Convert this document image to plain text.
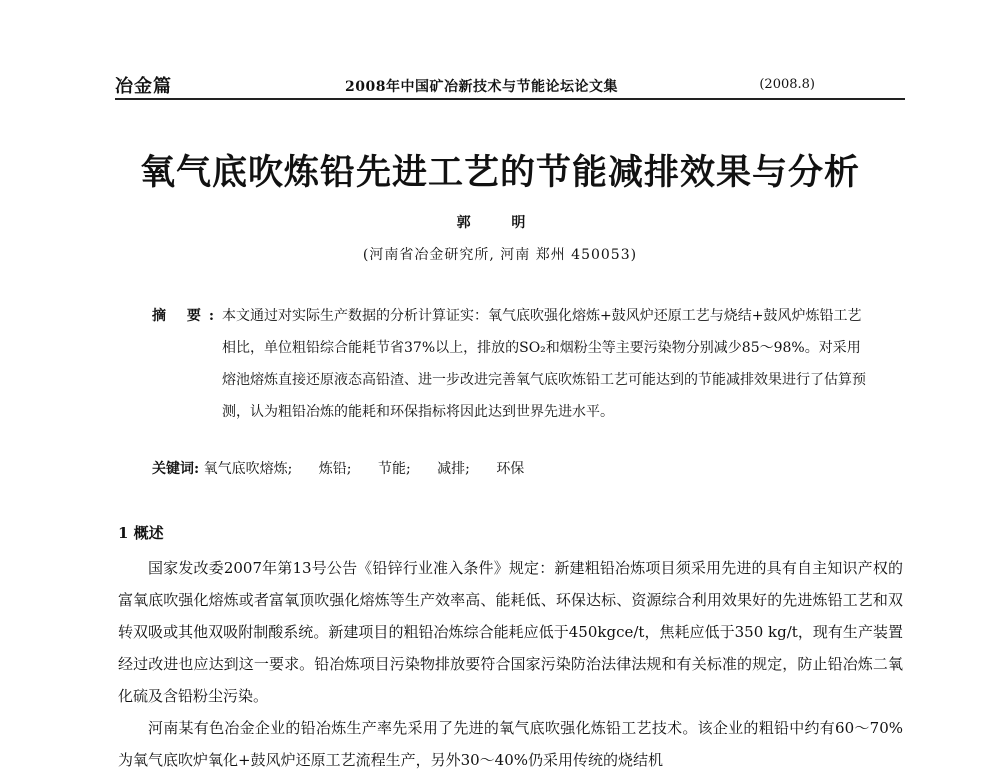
冶金篇	2008年中国矿冶新技术与节能论坛论文集	(2008.8)
氧气底吹炼铅先进工艺的节能减排效果与分析
郭 明
(河南省冶金研究所, 河南 郑州 450053)
摘 要: 本文通过对实际生产数据的分析计算证实：氧气底吹强化熔炼+鼓风炉还原工艺与烧结+鼓风炉炼铅工艺相比，单位粗铅综合能耗节省37%以上，排放的SO₂和烟粉尘等主要污染物分别减少85～98%。对采用熔池熔炼直接还原液态高铅渣、进一步改进完善氧气底吹炼铅工艺可能达到的节能减排效果进行了估算预测，认为粗铅冶炼的能耗和环保指标将因此达到世界先进水平。
关键词: 氧气底吹熔炼; 炼铅; 节能; 减排; 环保
1 概述

国家发改委2007年第13号公告《铅锌行业准入条件》规定：新建粗铅冶炼项目须采用先进的具有自主知识产权的富氧底吹强化熔炼或者富氧顶吹强化熔炼等生产效率高、能耗低、环保达标、资源综合利用效果好的先进炼铅工艺和双转双吸或其他双吸附制酸系统。新建项目的粗铅冶炼综合能耗应低于450kgce/t，焦耗应低于350 kg/t，现有生产装置经过改进也应达到这一要求。铅冶炼项目污染物排放要符合国家污染防治法律法规和有关标准的规定，防止铅冶炼二氧化硫及含铅粉尘污染。

河南某有色冶金企业的铅冶炼生产率先采用了先进的氧气底吹强化炼铅工艺技术。该企业的粗铅中约有60～70%为氧气底吹炉氧化+鼓风炉还原工艺流程生产，另外30～40%仍采用传统的烧结机
